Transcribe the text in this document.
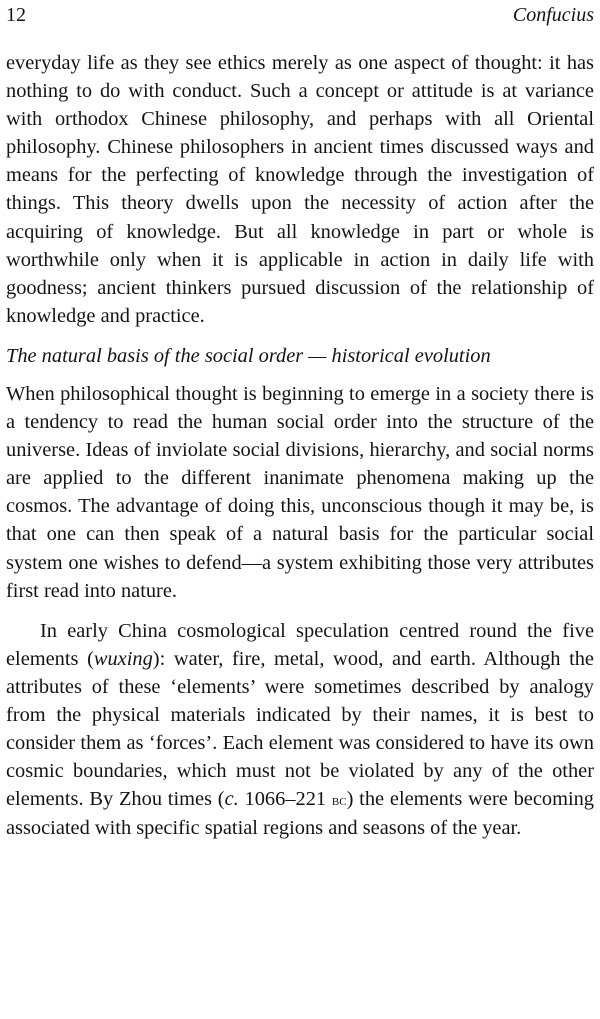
12	Confucius

everyday life as they see ethics merely as one aspect of thought: it has nothing to do with conduct. Such a concept or attitude is at variance with orthodox Chinese philosophy, and perhaps with all Oriental philosophy. Chinese philosophers in ancient times discussed ways and means for the perfecting of knowledge through the investigation of things. This theory dwells upon the necessity of action after the acquiring of knowledge. But all knowledge in part or whole is worthwhile only when it is applicable in action in daily life with goodness; ancient thinkers pursued discussion of the relationship of knowledge and practice.

The natural basis of the social order — historical evolution

When philosophical thought is beginning to emerge in a society there is a tendency to read the human social order into the structure of the universe. Ideas of inviolate social divisions, hierarchy, and social norms are applied to the different inanimate phenomena making up the cosmos. The advantage of doing this, unconscious though it may be, is that one can then speak of a natural basis for the particular social system one wishes to defend—a system exhibiting those very attributes first read into nature.

In early China cosmological speculation centred round the five elements (wuxing): water, fire, metal, wood, and earth. Although the attributes of these ‘elements’ were sometimes described by analogy from the physical materials indicated by their names, it is best to consider them as ‘forces’. Each element was considered to have its own cosmic boundaries, which must not be violated by any of the other elements. By Zhou times (c. 1066–221 bc) the elements were becoming associated with specific spatial regions and seasons of the year.
